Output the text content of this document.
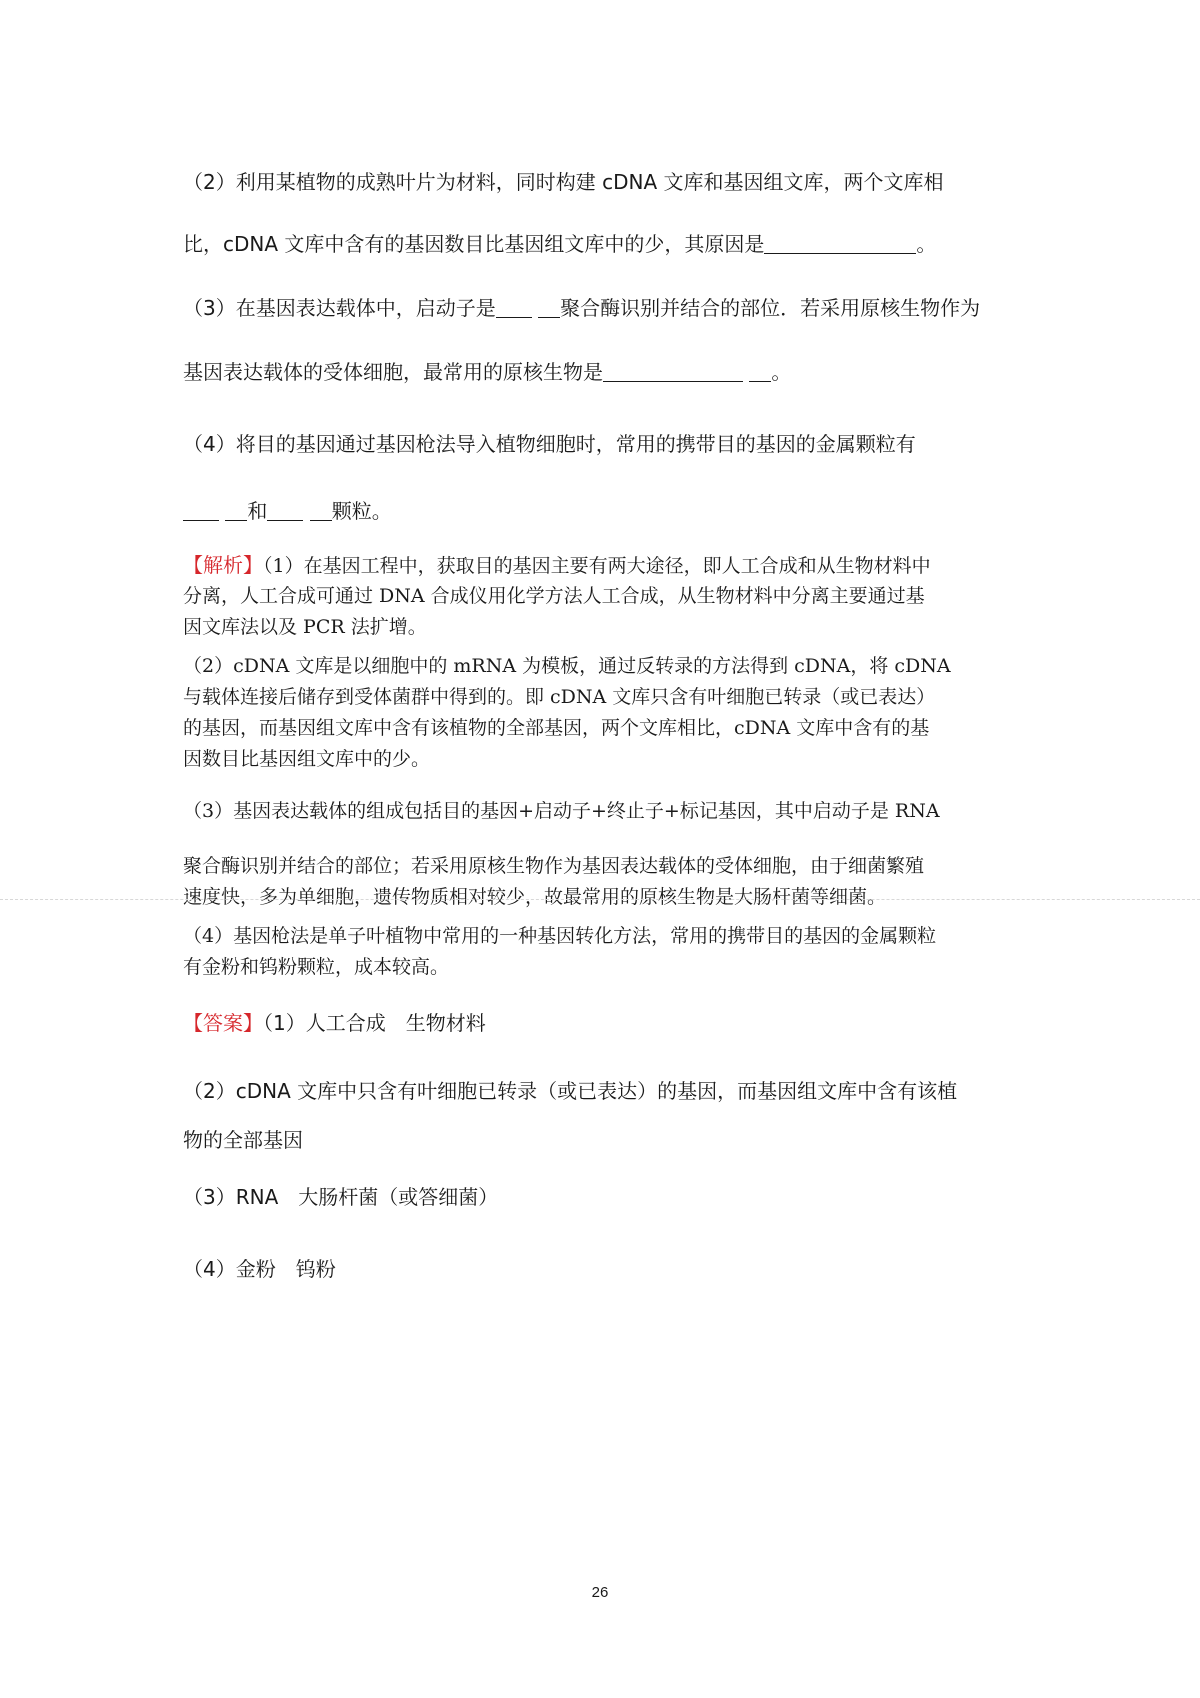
（2）利用某植物的成熟叶片为材料，同时构建 cDNA 文库和基因组文库，两个文库相
比，cDNA 文库中含有的基因数目比基因组文库中的少，其原因是	。
（3）在基因表达载体中，启动子是	聚合酶识别并结合的部位．若采用原核生物作为
基因表达载体的受体细胞，最常用的原核生物是	。
（4）将目的基因通过基因枪法导入植物细胞时，常用的携带目的基因的金属颗粒有
和	颗粒。
【解析】（1）在基因工程中，获取目的基因主要有两大途径，即人工合成和从生物材料中
分离，人工合成可通过 DNA 合成仪用化学方法人工合成，从生物材料中分离主要通过基
因文库法以及 PCR 法扩增。
（2）cDNA 文库是以细胞中的 mRNA 为模板，通过反转录的方法得到 cDNA，将 cDNA
与载体连接后储存到受体菌群中得到的。即 cDNA 文库只含有叶细胞已转录（或已表达）
的基因，而基因组文库中含有该植物的全部基因，两个文库相比，cDNA 文库中含有的基
因数目比基因组文库中的少。
（3）基因表达载体的组成包括目的基因+启动子+终止子+标记基因，其中启动子是 RNA
聚合酶识别并结合的部位；若采用原核生物作为基因表达载体的受体细胞，由于细菌繁殖
速度快，多为单细胞，遗传物质相对较少，故最常用的原核生物是大肠杆菌等细菌。
（4）基因枪法是单子叶植物中常用的一种基因转化方法，常用的携带目的基因的金属颗粒
有金粉和钨粉颗粒，成本较高。
【答案】（1）人工合成　生物材料
（2）cDNA 文库中只含有叶细胞已转录（或已表达）的基因，而基因组文库中含有该植
物的全部基因
（3）RNA　大肠杆菌（或答细菌）
（4）金粉　钨粉
26
